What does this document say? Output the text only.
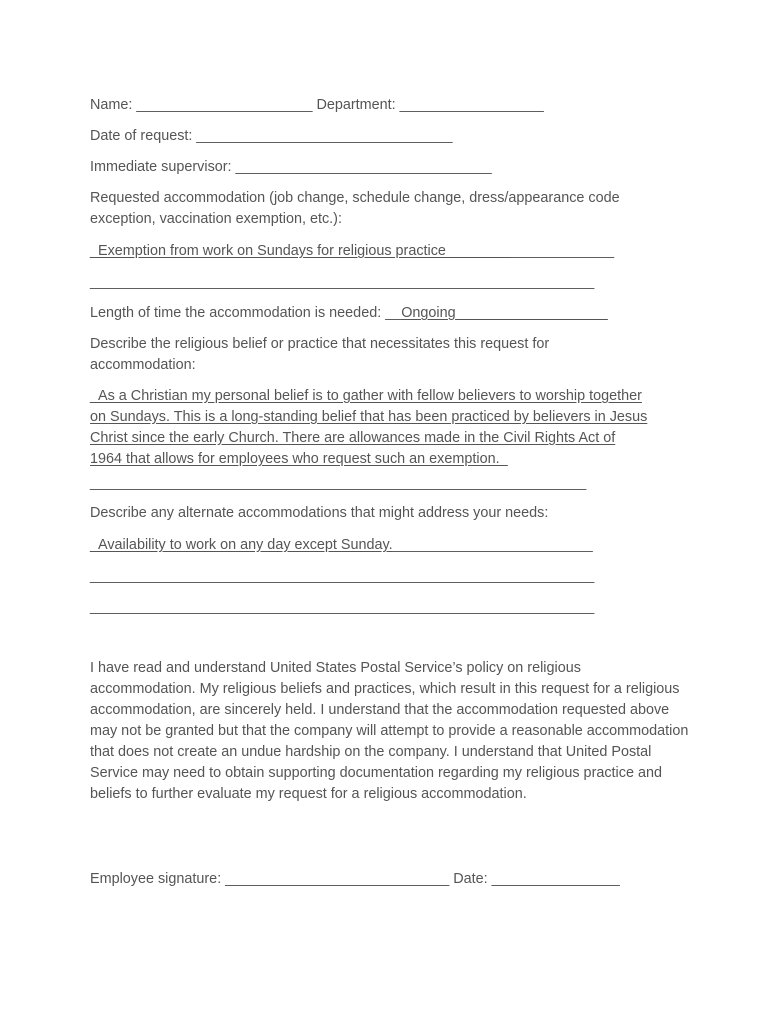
Name: ______________________ Department: __________________
Date of request: ________________________________
Immediate supervisor: ________________________________
Requested accommodation (job change, schedule change, dress/appearance code
exception, vaccination exemption, etc.):
_Exemption from work on Sundays for religious practice_____________________
_______________________________________________________________
Length of time the accommodation is needed: __Ongoing___________________
Describe the religious belief or practice that necessitates this request for
accommodation:
_As a Christian my personal belief is to gather with fellow believers to worship together
on Sundays. This is a long-standing belief that has been practiced by believers in Jesus
Christ since the early Church. There are allowances made in the Civil Rights Act of
1964 that allows for employees who request such an exemption._
______________________________________________________________
Describe any alternate accommodations that might address your needs:
_Availability to work on any day except Sunday._________________________
_______________________________________________________________
_______________________________________________________________
I have read and understand United States Postal Service’s policy on religious accommodation. My religious beliefs and practices, which result in this request for a religious accommodation, are sincerely held. I understand that the accommodation requested above may not be granted but that the company will attempt to provide a reasonable accommodation that does not create an undue hardship on the company. I understand that United Postal Service may need to obtain supporting documentation regarding my religious practice and beliefs to further evaluate my request for a religious accommodation.
Employee signature: ____________________________ Date: ________________
